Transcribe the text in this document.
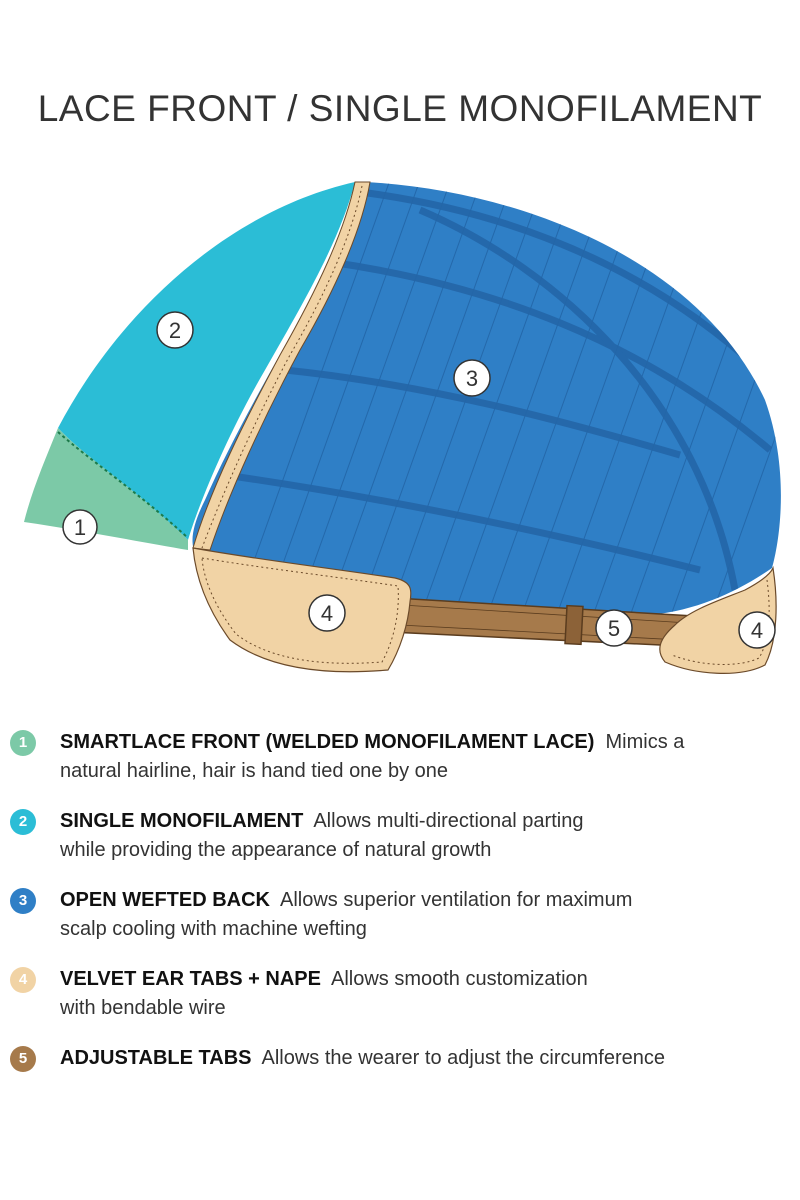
LACE FRONT / SINGLE MONOFILAMENT
1
2
3
4
5	4
1	SMARTLACE FRONT (WELDED MONOFILAMENT LACE) Mimics a
natural hairline, hair is hand tied one by one
2	SINGLE MONOFILAMENT Allows multi-directional parting
while providing the appearance of natural growth
3	OPEN WEFTED BACK Allows superior ventilation for maximum
scalp cooling with machine wefting
4	VELVET EAR TABS + NAPE Allows smooth customization
with bendable wire
5	ADJUSTABLE TABS Allows the wearer to adjust the circumference
